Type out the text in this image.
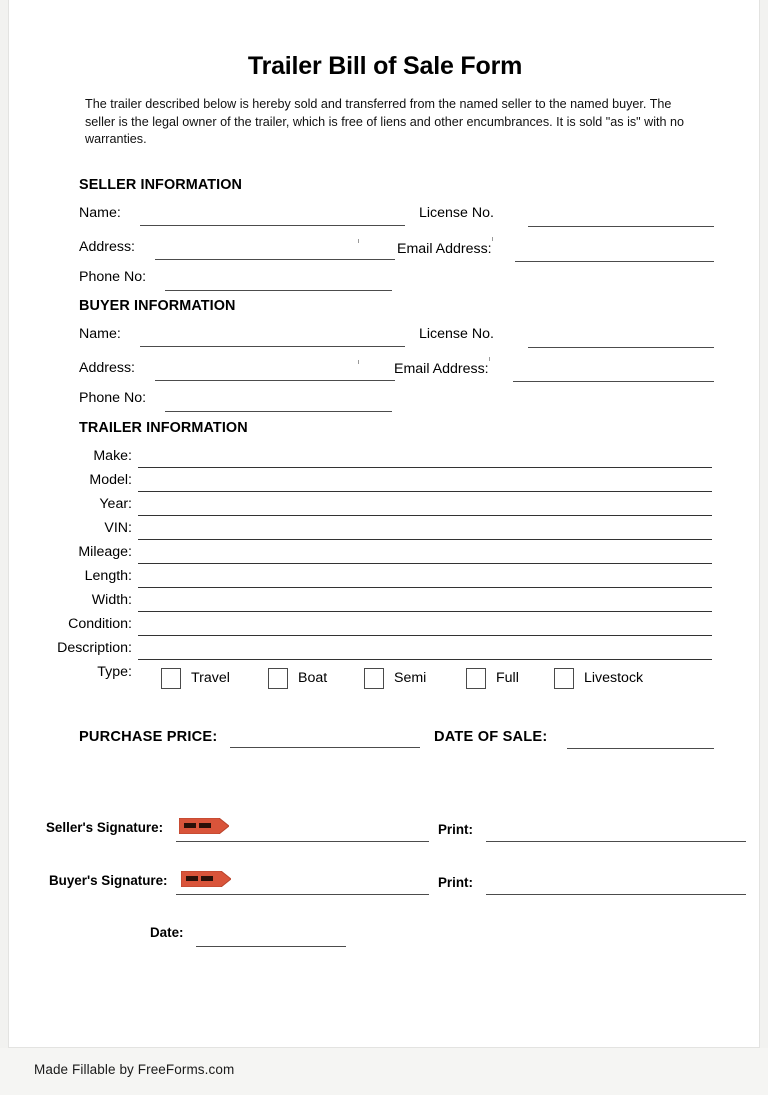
Trailer Bill of Sale Form
The trailer described below is hereby sold and transferred from the named seller to the named buyer. The seller is the legal owner of the trailer, which is free of liens and other encumbrances. It is sold "as is" with no warranties.
SELLER INFORMATION
Name:	License No.
Address:	Email Address:
Phone No:
BUYER INFORMATION
Name:	License No.
Address:	Email Address:
Phone No:
TRAILER INFORMATION
Make:
Model:
Year:
VIN:
Mileage:
Length:
Width:
Condition:
Description:
Type:	Travel	Boat	Semi	Full	Livestock
PURCHASE PRICE:	DATE OF SALE:
Seller's Signature:	Print:
Buyer's Signature:	Print:
Date:
Made Fillable by FreeForms.com
